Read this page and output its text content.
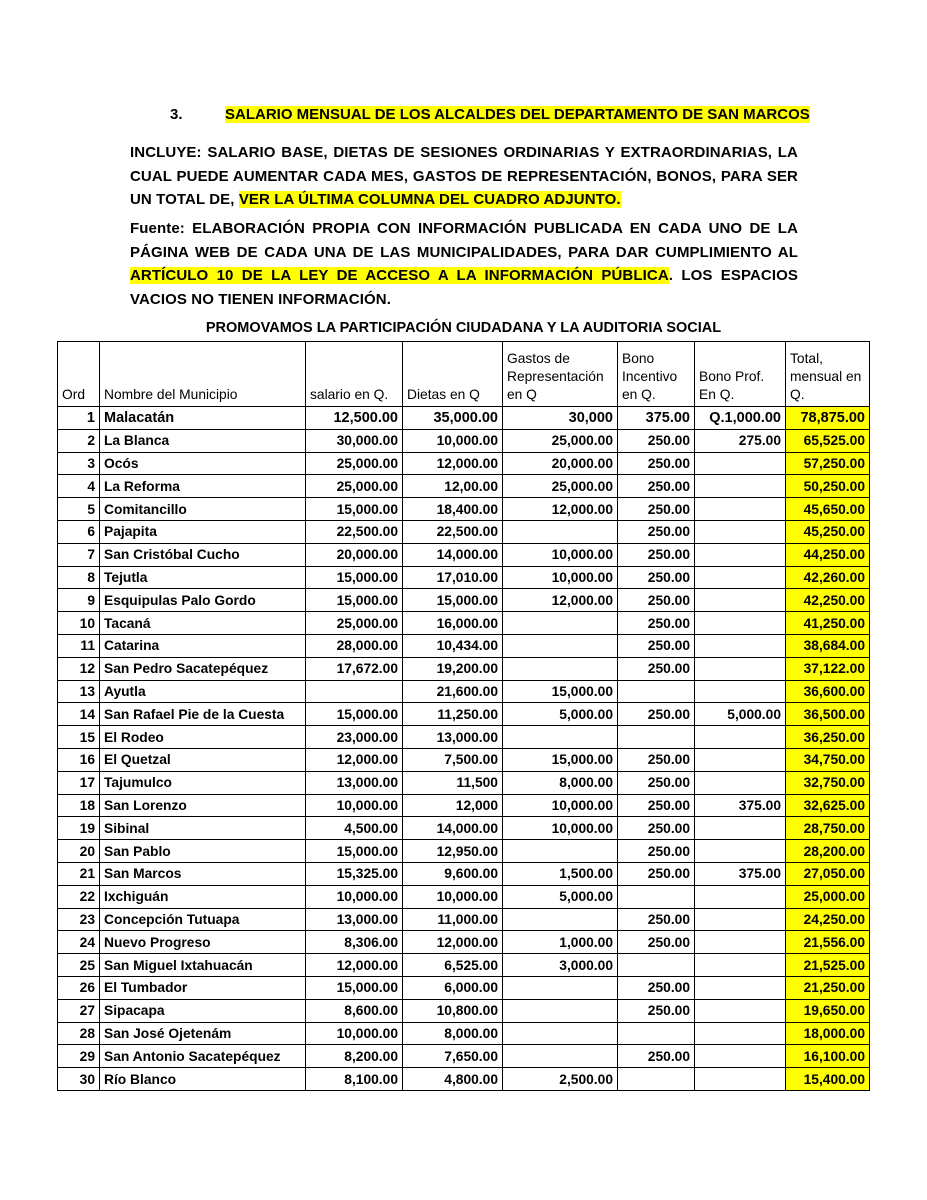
3.	SALARIO MENSUAL DE LOS ALCALDES DEL DEPARTAMENTO DE SAN MARCOS
INCLUYE: SALARIO BASE, DIETAS DE SESIONES ORDINARIAS Y EXTRAORDINARIAS, LA CUAL PUEDE AUMENTAR CADA MES, GASTOS DE REPRESENTACIÓN, BONOS, PARA SER UN TOTAL DE, VER LA ÚLTIMA COLUMNA DEL CUADRO ADJUNTO.
Fuente: ELABORACIÓN PROPIA CON INFORMACIÓN PUBLICADA EN CADA UNO DE LA PÁGINA WEB DE CADA UNA DE LAS MUNICIPALIDADES, PARA DAR CUMPLIMIENTO AL ARTÍCULO 10 DE LA LEY DE ACCESO A LA INFORMACIÓN PÚBLICA. LOS ESPACIOS VACIOS NO TIENEN INFORMACIÓN.
PROMOVAMOS LA PARTICIPACIÓN CIUDADANA Y LA AUDITORIA SOCIAL
Ord	Nombre del Municipio	salario en Q.	Dietas en Q	Gastos de Representación en Q	Bono Incentivo en Q.	Bono Prof. En Q.	Total, mensual en Q.
1	Malacatán	12,500.00	35,000.00	30,000	375.00	Q.1,000.00	78,875.00
2	La Blanca	30,000.00	10,000.00	25,000.00	250.00	275.00	65,525.00
3	Ocós	25,000.00	12,000.00	20,000.00	250.00		57,250.00
4	La Reforma	25,000.00	12,00.00	25,000.00	250.00		50,250.00
5	Comitancillo	15,000.00	18,400.00	12,000.00	250.00		45,650.00
6	Pajapita	22,500.00	22,500.00		250.00		45,250.00
7	San Cristóbal Cucho	20,000.00	14,000.00	10,000.00	250.00		44,250.00
8	Tejutla	15,000.00	17,010.00	10,000.00	250.00		42,260.00
9	Esquipulas Palo Gordo	15,000.00	15,000.00	12,000.00	250.00		42,250.00
10	Tacaná	25,000.00	16,000.00		250.00		41,250.00
11	Catarina	28,000.00	10,434.00		250.00		38,684.00
12	San Pedro Sacatepéquez	17,672.00	19,200.00		250.00		37,122.00
13	Ayutla		21,600.00	15,000.00			36,600.00
14	San Rafael Pie de la Cuesta	15,000.00	11,250.00	5,000.00	250.00	5,000.00	36,500.00
15	El Rodeo	23,000.00	13,000.00				36,250.00
16	El Quetzal	12,000.00	7,500.00	15,000.00	250.00		34,750.00
17	Tajumulco	13,000.00	11,500	8,000.00	250.00		32,750.00
18	San Lorenzo	10,000.00	12,000	10,000.00	250.00	375.00	32,625.00
19	Sibinal	4,500.00	14,000.00	10,000.00	250.00		28,750.00
20	San Pablo	15,000.00	12,950.00		250.00		28,200.00
21	San Marcos	15,325.00	9,600.00	1,500.00	250.00	375.00	27,050.00
22	Ixchiguán	10,000.00	10,000.00	5,000.00			25,000.00
23	Concepción Tutuapa	13,000.00	11,000.00		250.00		24,250.00
24	Nuevo Progreso	8,306.00	12,000.00	1,000.00	250.00		21,556.00
25	San Miguel Ixtahuacán	12,000.00	6,525.00	3,000.00			21,525.00
26	El Tumbador	15,000.00	6,000.00		250.00		21,250.00
27	Sipacapa	8,600.00	10,800.00		250.00		19,650.00
28	San José Ojetenám	10,000.00	8,000.00				18,000.00
29	San Antonio Sacatepéquez	8,200.00	7,650.00		250.00		16,100.00
30	Río Blanco	8,100.00	4,800.00	2,500.00			15,400.00
